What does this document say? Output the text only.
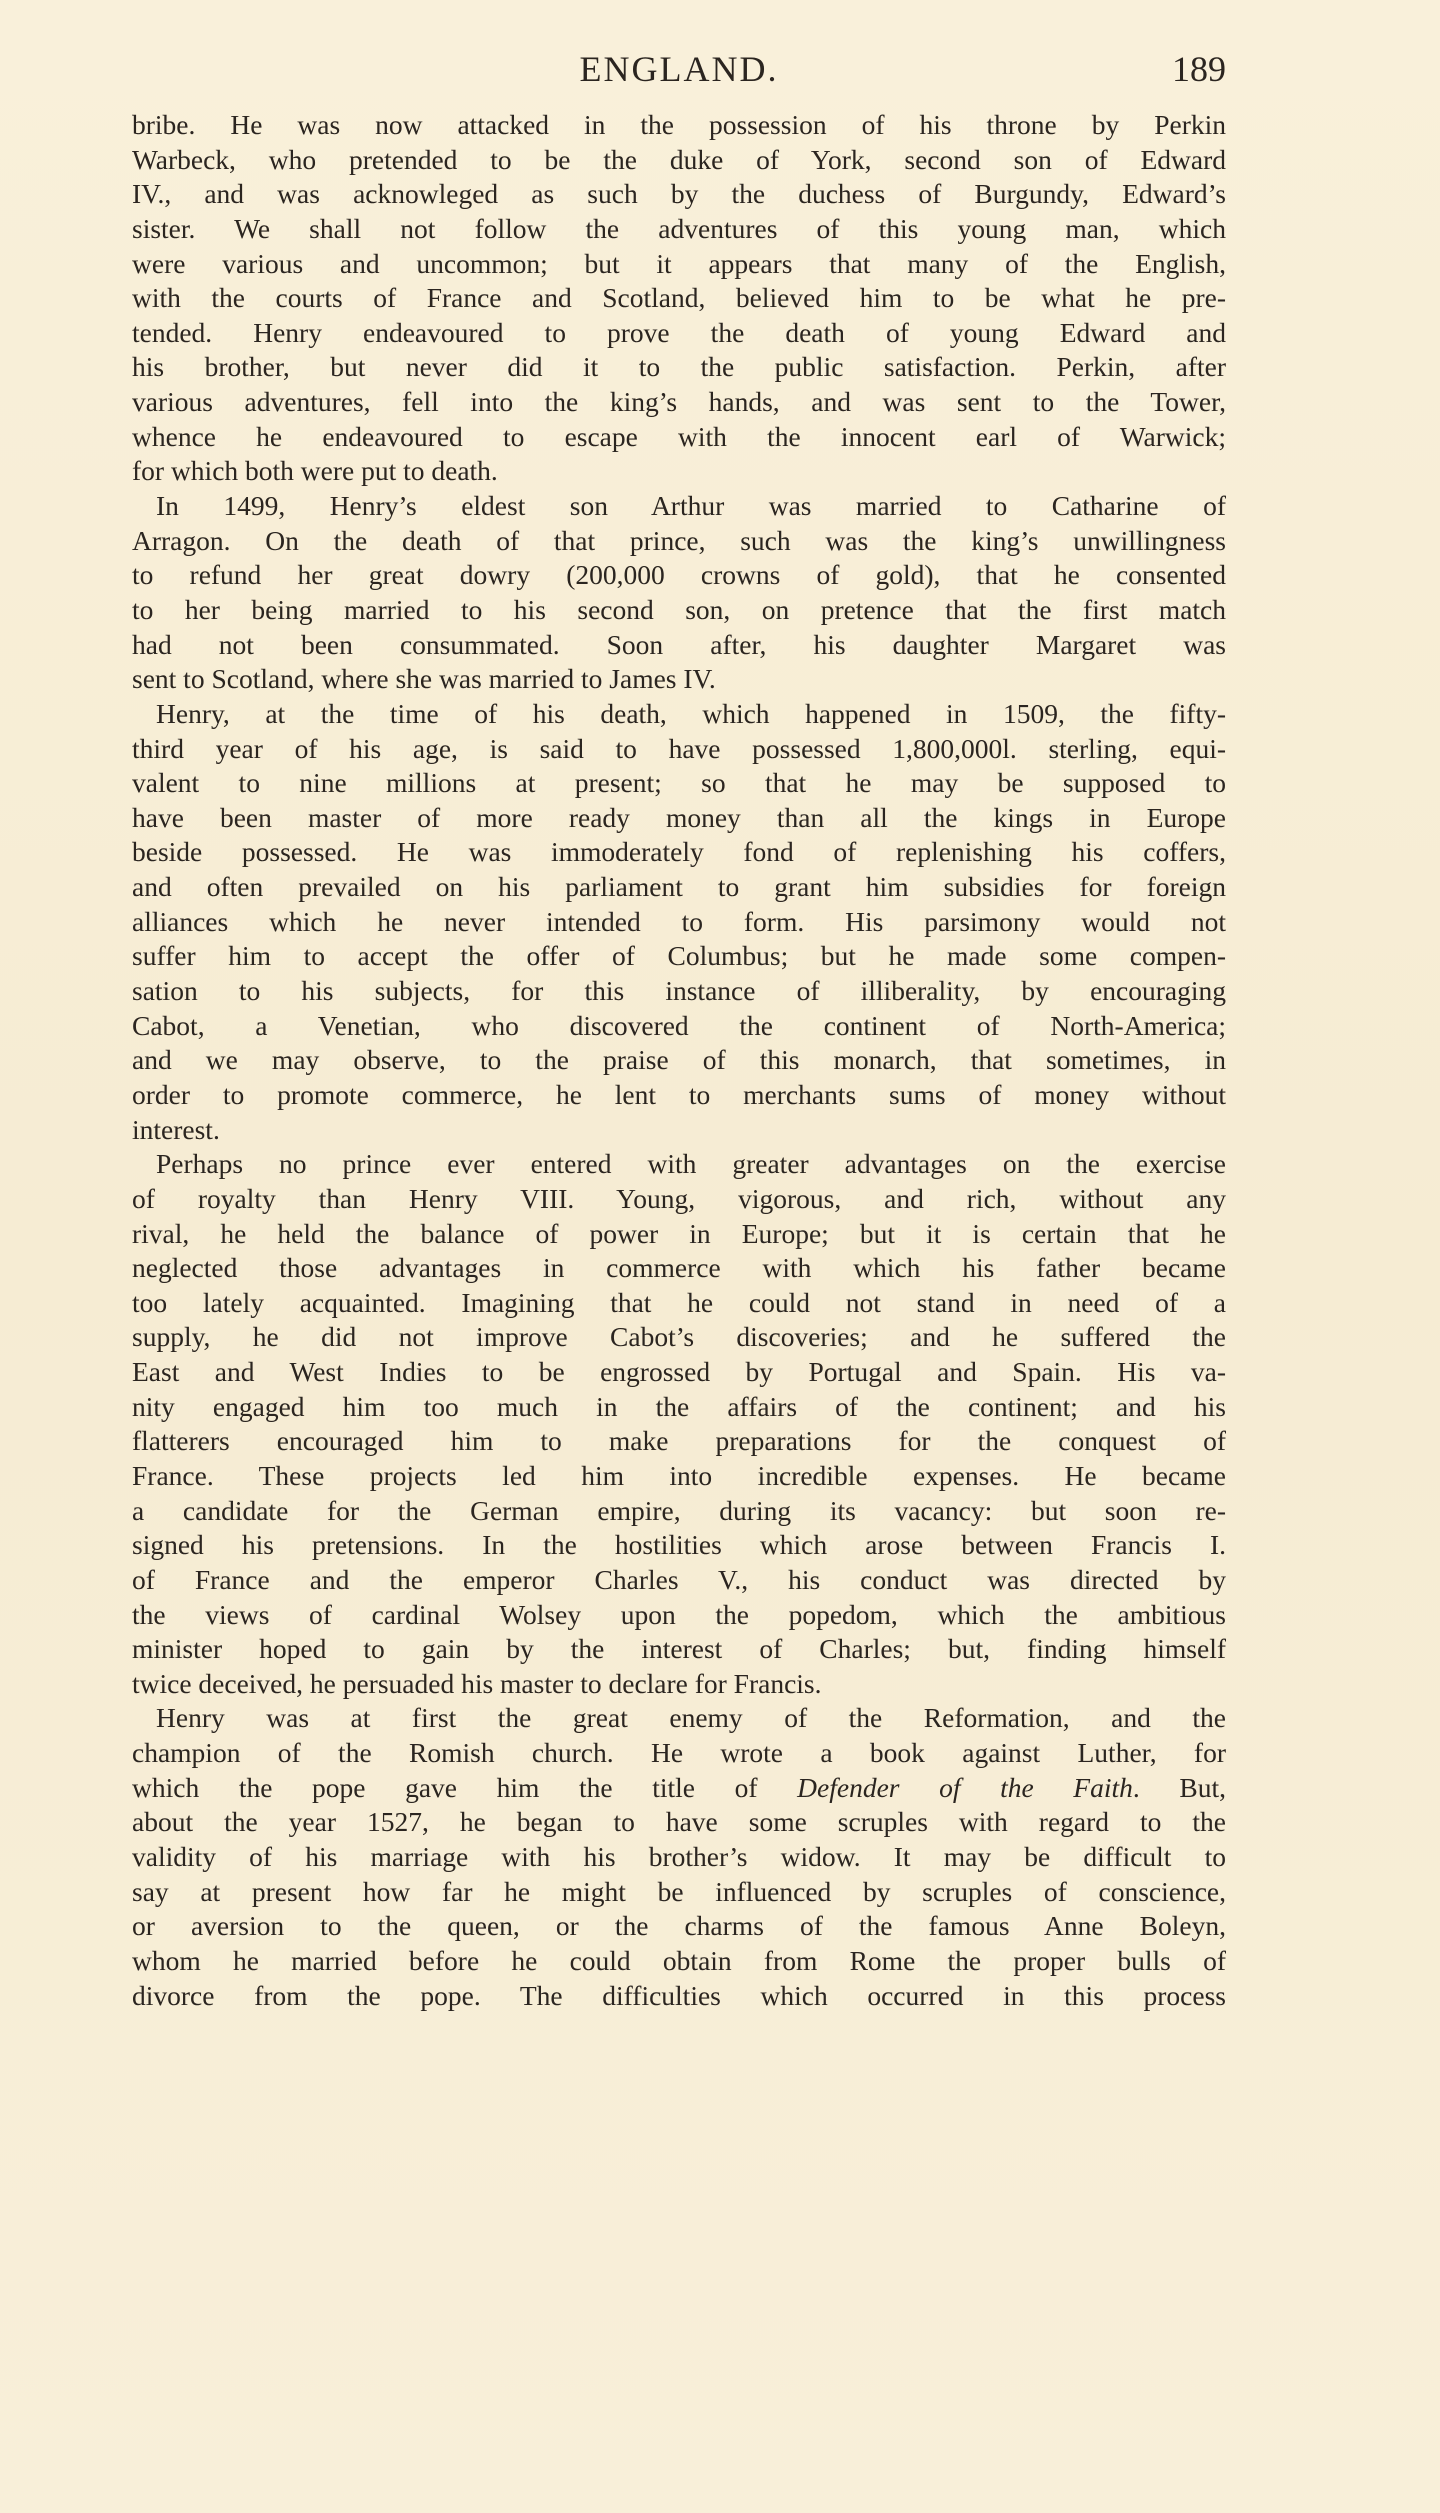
ENGLAND.	189
bribe. He was now attacked in the possession of his throne by Perkin
Warbeck, who pretended to be the duke of York, second son of Edward
IV., and was acknowleged as such by the duchess of Burgundy, Edward’s
sister. We shall not follow the adventures of this young man, which
were various and uncommon; but it appears that many of the English,
with the courts of France and Scotland, believed him to be what he pre-
tended. Henry endeavoured to prove the death of young Edward and
his brother, but never did it to the public satisfaction. Perkin, after
various adventures, fell into the king’s hands, and was sent to the Tower,
whence he endeavoured to escape with the innocent earl of Warwick;
for which both were put to death.
In 1499, Henry’s eldest son Arthur was married to Catharine of
Arragon. On the death of that prince, such was the king’s unwillingness
to refund her great dowry (200,000 crowns of gold), that he consented
to her being married to his second son, on pretence that the first match
had not been consummated. Soon after, his daughter Margaret was
sent to Scotland, where she was married to James IV.
Henry, at the time of his death, which happened in 1509, the fifty-
third year of his age, is said to have possessed 1,800,000l. sterling, equi-
valent to nine millions at present; so that he may be supposed to
have been master of more ready money than all the kings in Europe
beside possessed. He was immoderately fond of replenishing his coffers,
and often prevailed on his parliament to grant him subsidies for foreign
alliances which he never intended to form. His parsimony would not
suffer him to accept the offer of Columbus; but he made some compen-
sation to his subjects, for this instance of illiberality, by encouraging
Cabot, a Venetian, who discovered the continent of North-America;
and we may observe, to the praise of this monarch, that sometimes, in
order to promote commerce, he lent to merchants sums of money without
interest.
Perhaps no prince ever entered with greater advantages on the exercise
of royalty than Henry VIII. Young, vigorous, and rich, without any
rival, he held the balance of power in Europe; but it is certain that he
neglected those advantages in commerce with which his father became
too lately acquainted. Imagining that he could not stand in need of a
supply, he did not improve Cabot’s discoveries; and he suffered the
East and West Indies to be engrossed by Portugal and Spain. His va-
nity engaged him too much in the affairs of the continent; and his
flatterers encouraged him to make preparations for the conquest of
France. These projects led him into incredible expenses. He became
a candidate for the German empire, during its vacancy: but soon re-
signed his pretensions. In the hostilities which arose between Francis I.
of France and the emperor Charles V., his conduct was directed by
the views of cardinal Wolsey upon the popedom, which the ambitious
minister hoped to gain by the interest of Charles; but, finding himself
twice deceived, he persuaded his master to declare for Francis.
Henry was at first the great enemy of the Reformation, and the
champion of the Romish church. He wrote a book against Luther, for
which the pope gave him the title of Defender of the Faith. But,
about the year 1527, he began to have some scruples with regard to the
validity of his marriage with his brother’s widow. It may be difficult to
say at present how far he might be influenced by scruples of conscience,
or aversion to the queen, or the charms of the famous Anne Boleyn,
whom he married before he could obtain from Rome the proper bulls of
divorce from the pope. The difficulties which occurred in this process
